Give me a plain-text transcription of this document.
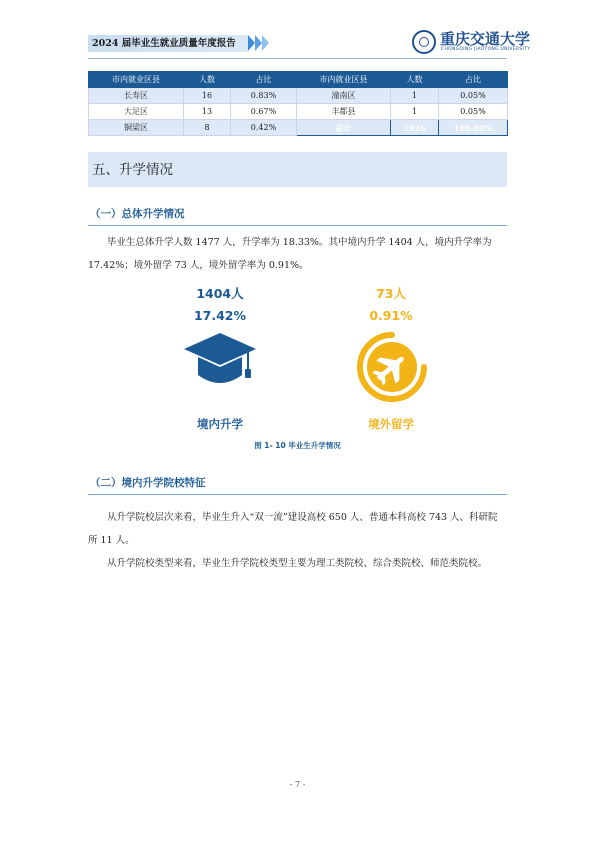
2024 届毕业生就业质量年度报告	重庆交通大学
CHONGQING JIAOTONG UNIVERSITY
市内就业区县	人数	占比	市内就业区县	人数	占比
长寿区	16	0.83%	潼南区	1	0.05%
大足区	13	0.67%	丰都县	1	0.05%
铜梁区	8	0.42%	总计	1926	100.00%
五、升学情况
（一）总体升学情况

毕业生总体升学人数 1477 人，升学率为 18.33%。其中境内升学 1404 人，境内升学率为 17.42%；境外留学 73 人，境外留学率为 0.91%。

1404人
17.42%
境内升学
73人
0.91%
境外留学
图 1- 10 毕业生升学情况
（二）境内升学院校特征

从升学院校层次来看，毕业生升入“双一流”建设高校 650 人、普通本科高校 743 人、科研院所 11 人。

从升学院校类型来看，毕业生升学院校类型主要为理工类院校、综合类院校、师范类院校。

- 7 -
